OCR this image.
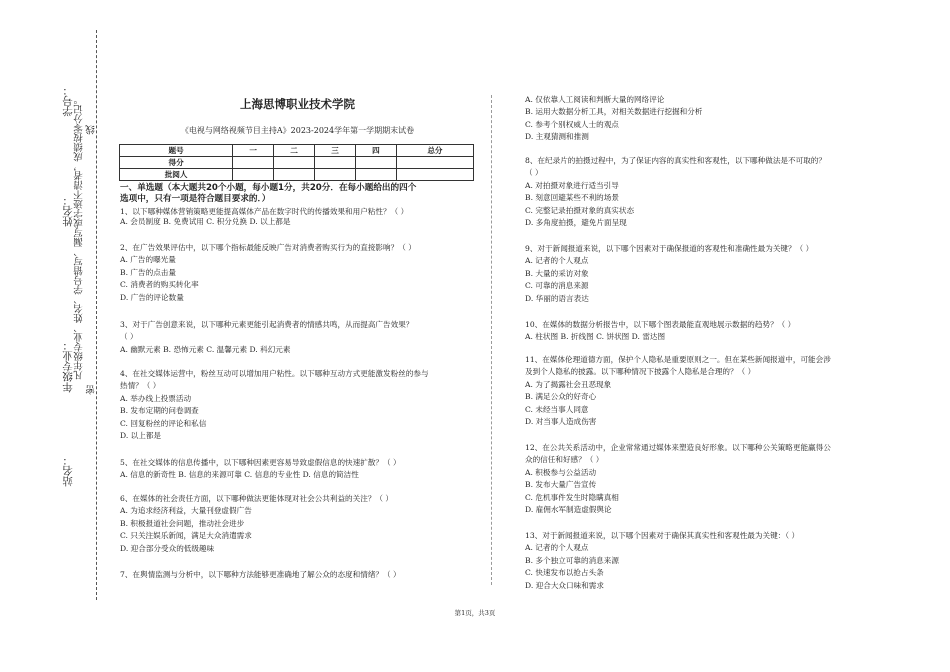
学号：
姓名： 凡年级专业、姓名、学号错写、漏写或字迹不清者，成绩按零分记。 线
年级专业： 密
站名：
上海思博职业技术学院
《电视与网络视频节目主持A》2023-2024学年第一学期期末试卷
题号	一	二	三	四	总分
得分					
批阅人					
一、单选题（本大题共20个小题，每小题1分，共20分．在每小题给出的四个
选项中，只有一项是符合题目要求的．）
1、以下哪种媒体营销策略更能提高媒体产品在数字时代的传播效果和用户粘性？（ ）
A. 会员制度 B. 免费试用 C. 积分兑换 D. 以上都是
2、在广告效果评估中，以下哪个指标最能反映广告对消费者购买行为的直接影响？（ ）
A. 广告的曝光量
B. 广告的点击量
C. 消费者的购买转化率
D. 广告的评论数量
3、对于广告创意来说，以下哪种元素更能引起消费者的情感共鸣，从而提高广告效果？
（ ）
A. 幽默元素 B. 恐怖元素 C. 温馨元素 D. 科幻元素
4、在社交媒体运营中，粉丝互动可以增加用户粘性。以下哪种互动方式更能激发粉丝的参与
热情？（ ）
A. 举办线上投票活动
B. 发布定期的问卷调查
C. 回复粉丝的评论和私信
D. 以上都是
5、在社交媒体的信息传播中，以下哪种因素更容易导致虚假信息的快速扩散？（ ）
A. 信息的新奇性 B. 信息的来源可靠 C. 信息的专业性 D. 信息的简洁性
6、在媒体的社会责任方面，以下哪种做法更能体现对社会公共利益的关注？（ ）
A. 为追求经济利益，大量刊登虚假广告
B. 积极报道社会问题，推动社会进步
C. 只关注娱乐新闻，满足大众消遣需求
D. 迎合部分受众的低级趣味
7、在舆情监测与分析中，以下哪种方法能够更准确地了解公众的态度和情绪？（ ）
A. 仅依靠人工阅读和判断大量的网络评论
B. 运用大数据分析工具，对相关数据进行挖掘和分析
C. 参考个别权威人士的观点
D. 主观猜测和推测
8、在纪录片的拍摄过程中，为了保证内容的真实性和客观性，以下哪种做法是不可取的？
（ ）
A. 对拍摄对象进行适当引导
B. 刻意回避某些不利的场景
C. 完整记录拍摄对象的真实状态
D. 多角度拍摄，避免片面呈现
9、对于新闻报道来说，以下哪个因素对于确保报道的客观性和准确性最为关键？（ ）
A. 记者的个人观点
B. 大量的采访对象
C. 可靠的消息来源
D. 华丽的语言表达
10、在媒体的数据分析报告中，以下哪个图表最能直观地展示数据的趋势？（ ）
A. 柱状图 B. 折线图 C. 饼状图 D. 雷达图
11、在媒体伦理道德方面，保护个人隐私是重要原则之一。但在某些新闻报道中，可能会涉
及到个人隐私的披露。以下哪种情况下披露个人隐私是合理的？（ ）
A. 为了揭露社会丑恶现象
B. 满足公众的好奇心
C. 未经当事人同意
D. 对当事人造成伤害
12、在公共关系活动中，企业常常通过媒体来塑造良好形象。以下哪种公关策略更能赢得公
众的信任和好感？（ ）
A. 积极参与公益活动
B. 发布大量广告宣传
C. 危机事件发生时隐瞒真相
D. 雇佣水军制造虚假舆论
13、对于新闻报道来说，以下哪个因素对于确保其真实性和客观性最为关键：（ ）
A. 记者的个人观点
B. 多个独立可靠的消息来源
C. 快速发布以抢占头条
D. 迎合大众口味和需求
第1页，共3页
